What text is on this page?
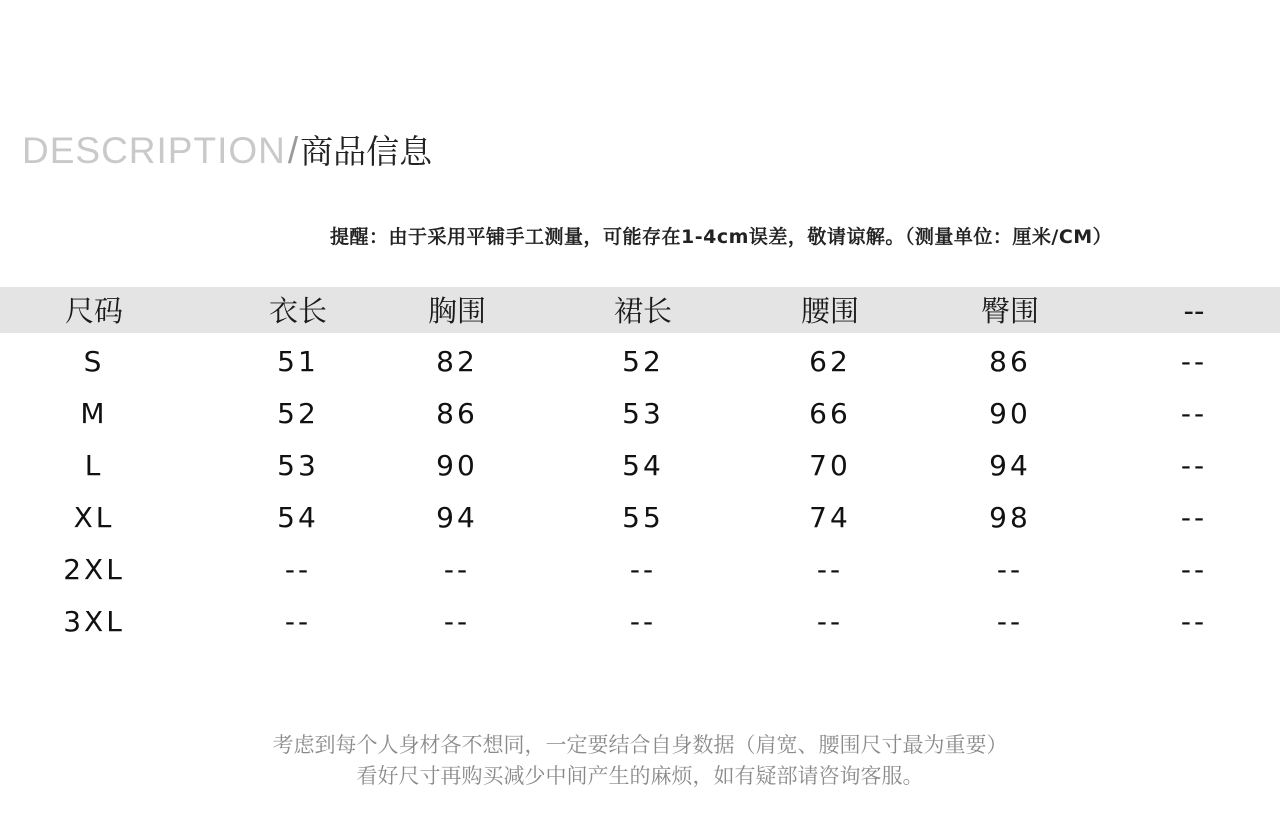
DESCRIPTION / 商品信息
提醒：由于采用平铺手工测量，可能存在1-4cm误差，敬请谅解。（测量单位：厘米/CM）
尺码	衣长	胸围	裙长	腰围	臀围	--
S	51	82	52	62	86	--
M	52	86	53	66	90	--
L	53	90	54	70	94	--
XL	54	94	55	74	98	--
2XL	--	--	--	--	--	--
3XL	--	--	--	--	--	--
考虑到每个人身材各不想同，一定要结合自身数据（肩宽、腰围尺寸最为重要）
看好尺寸再购买减少中间产生的麻烦，如有疑部请咨询客服。
